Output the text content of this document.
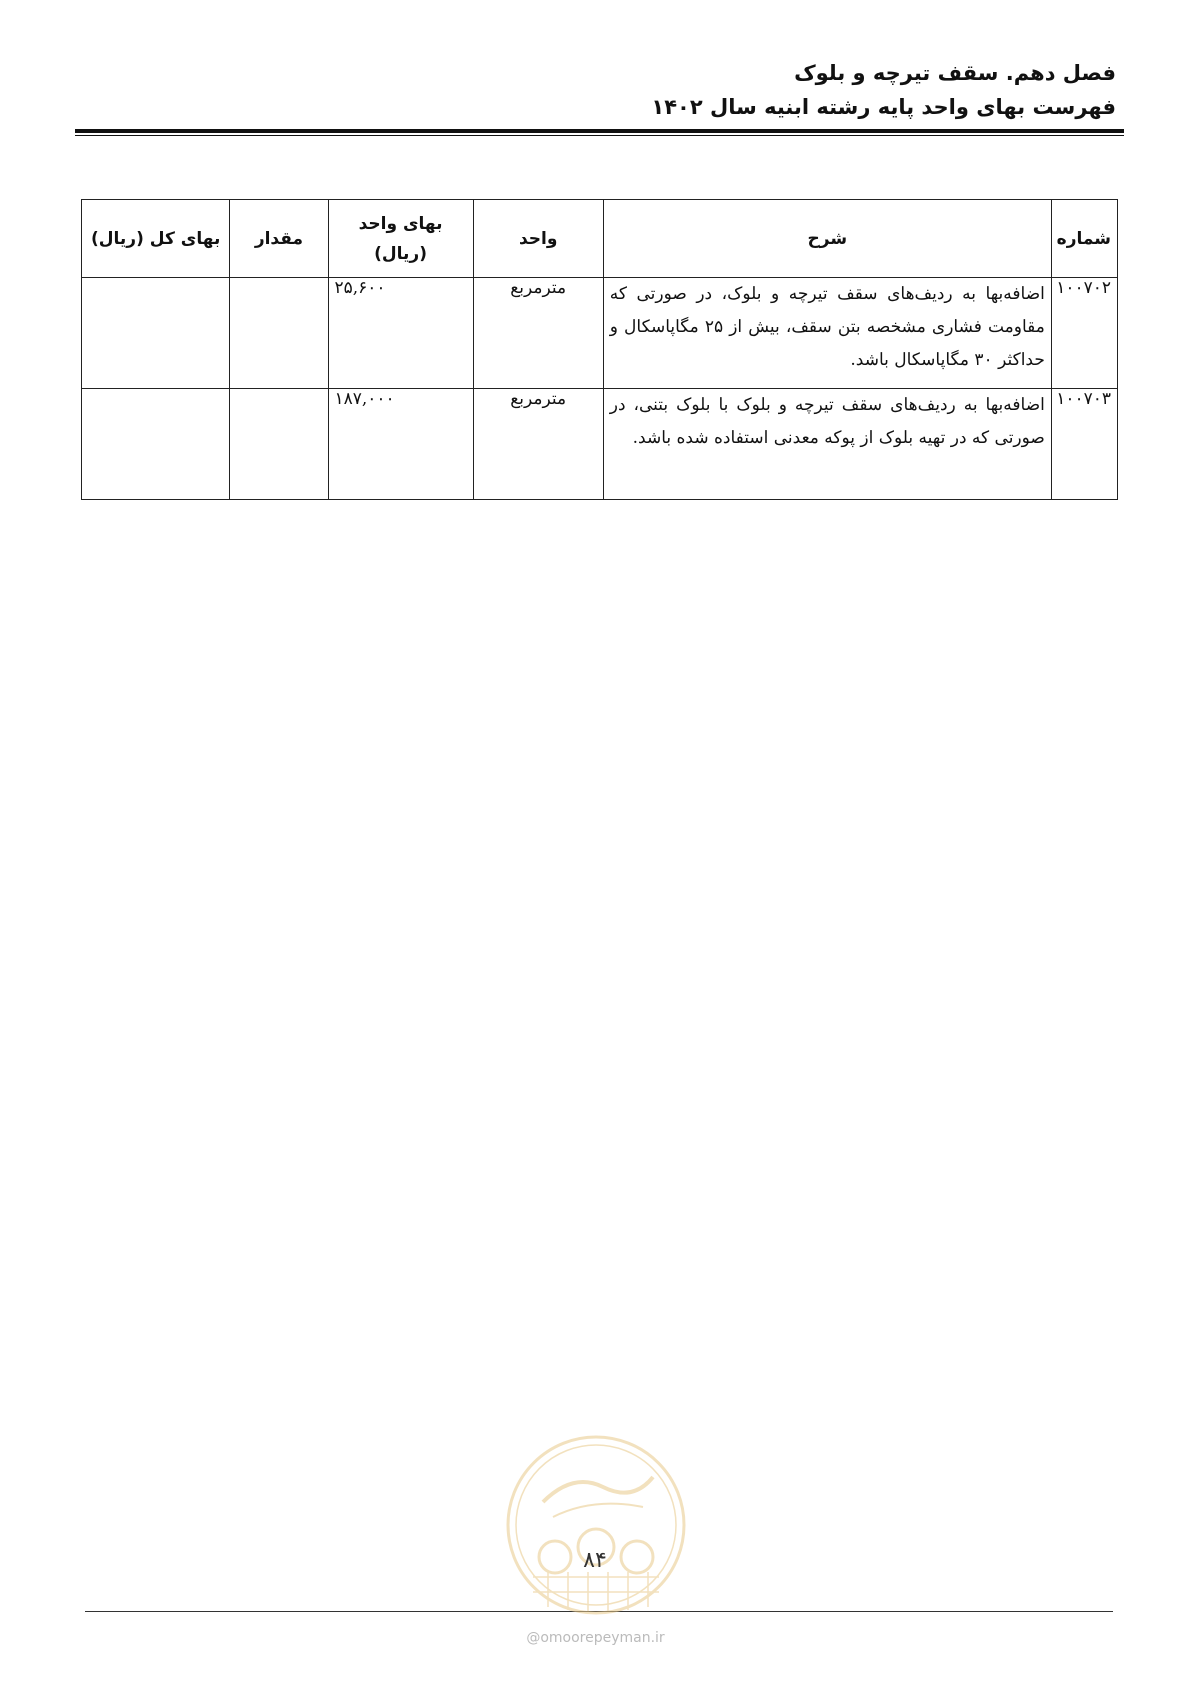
فصل دهم. سقف تیرچه و بلوک
فهرست بهای واحد پایه رشته ابنیه سال ۱۴۰۲
شماره	شرح	واحد	بهای واحد (ریال)	مقدار	بهای کل (ریال)
۱۰۰۷۰۲	اضافه‌بها به ردیف‌های سقف تیرچه و بلوک، در صورتی که مقاومت فشاری مشخصه بتن سقف، بیش از ۲۵ مگاپاسکال و حداکثر ۳۰ مگاپاسکال باشد.	مترمربع	۲۵,۶۰۰		
۱۰۰۷۰۳	اضافه‌بها به ردیف‌های سقف تیرچه و بلوک با بلوک بتنی، در صورتی که در تهیه بلوک از پوکه معدنی استفاده شده باشد.	مترمربع	۱۸۷,۰۰۰		
۸۴
@omoorepeyman.ir
